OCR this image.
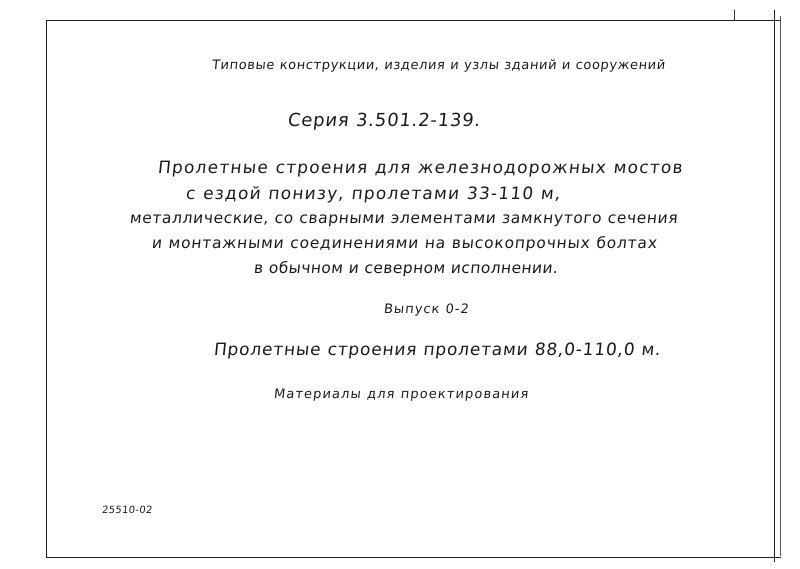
Типовые конструкции, изделия и узлы зданий и сооружений
Серия 3.501.2-139.
Пролетные строения для железнодорожных мостов
с ездой понизу, пролетами 33-110 м,
металлические, со сварными элементами замкнутого сечения
и монтажными соединениями на высокопрочных болтах
в обычном и северном исполнении.
Выпуск 0-2
Пролетные строения пролетами 88,0-110,0 м.
Материалы для проектирования
25510-02
